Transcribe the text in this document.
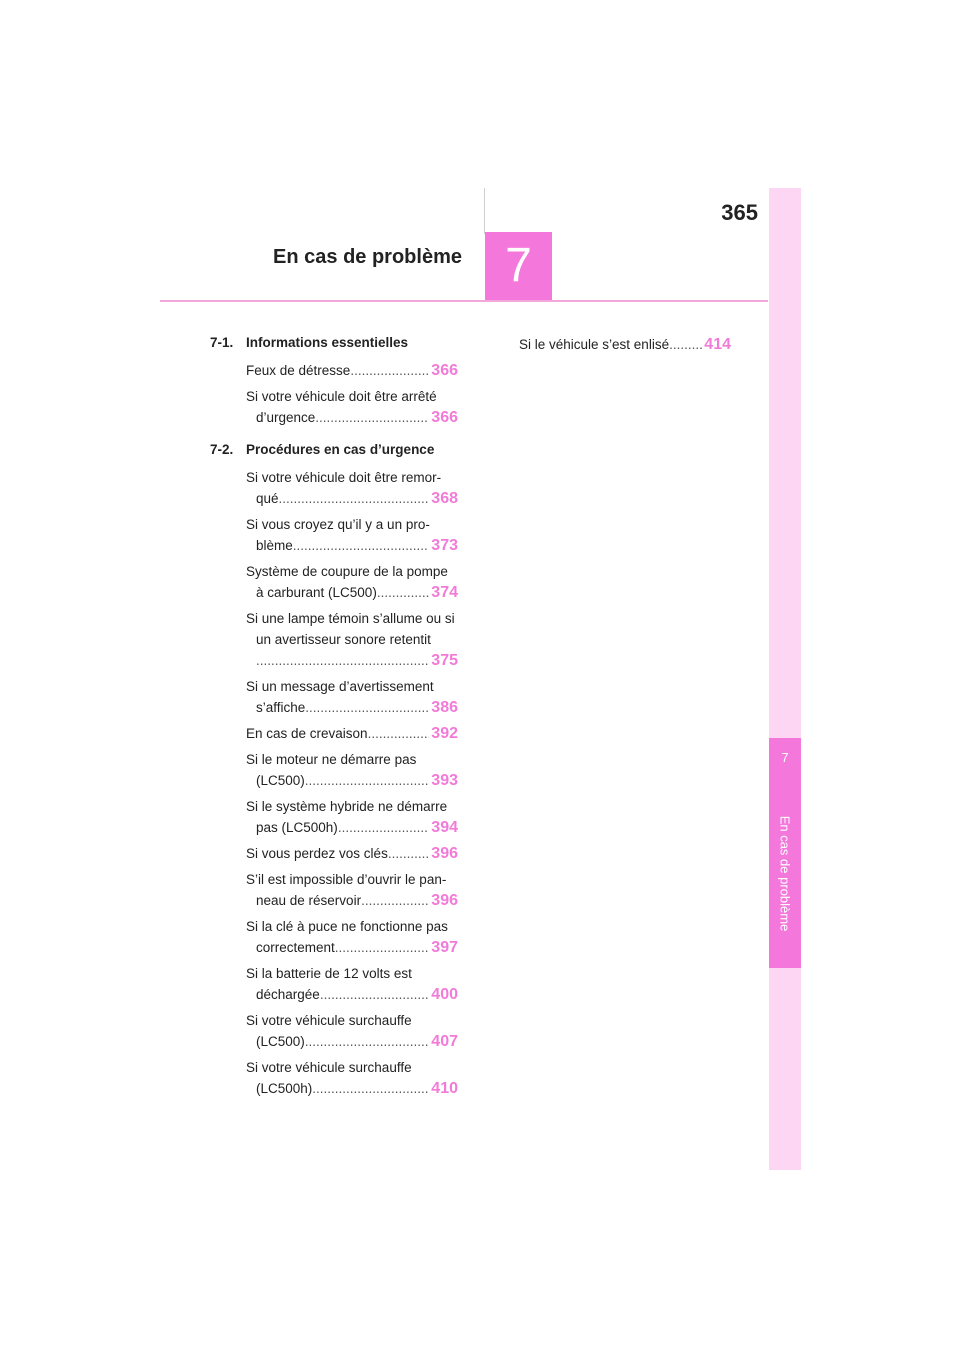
365
En cas de problème 7
7
En cas de problème
7-1. Informations essentielles
Feux de détresse .....	366
Si votre véhicule doit être arrêté
d’urgence .....	366
7-2. Procédures en cas d’urgence
Si votre véhicule doit être remor-
qué .....	368
Si vous croyez qu’il y a un pro-
blème .....	373
Système de coupure de la pompe
à carburant (LC500) .....	374
Si une lampe témoin s’allume ou si
un avertisseur sonore retentit
.....
375
Si un message d’avertissement
s’affiche .....	386
En cas de crevaison .....	392
Si le moteur ne démarre pas
(LC500) .....	393
Si le système hybride ne démarre
pas (LC500h) .....	394
Si vous perdez vos clés .....	396
S’il est impossible d’ouvrir le pan-
neau de réservoir .....	396
Si la clé à puce ne fonctionne pas
correctement .....	397
Si la batterie de 12 volts est
déchargée .....	400
Si votre véhicule surchauffe
(LC500) .....	407
Si votre véhicule surchauffe
(LC500h) .....	410
Si le véhicule s’est enlisé ..... 414
